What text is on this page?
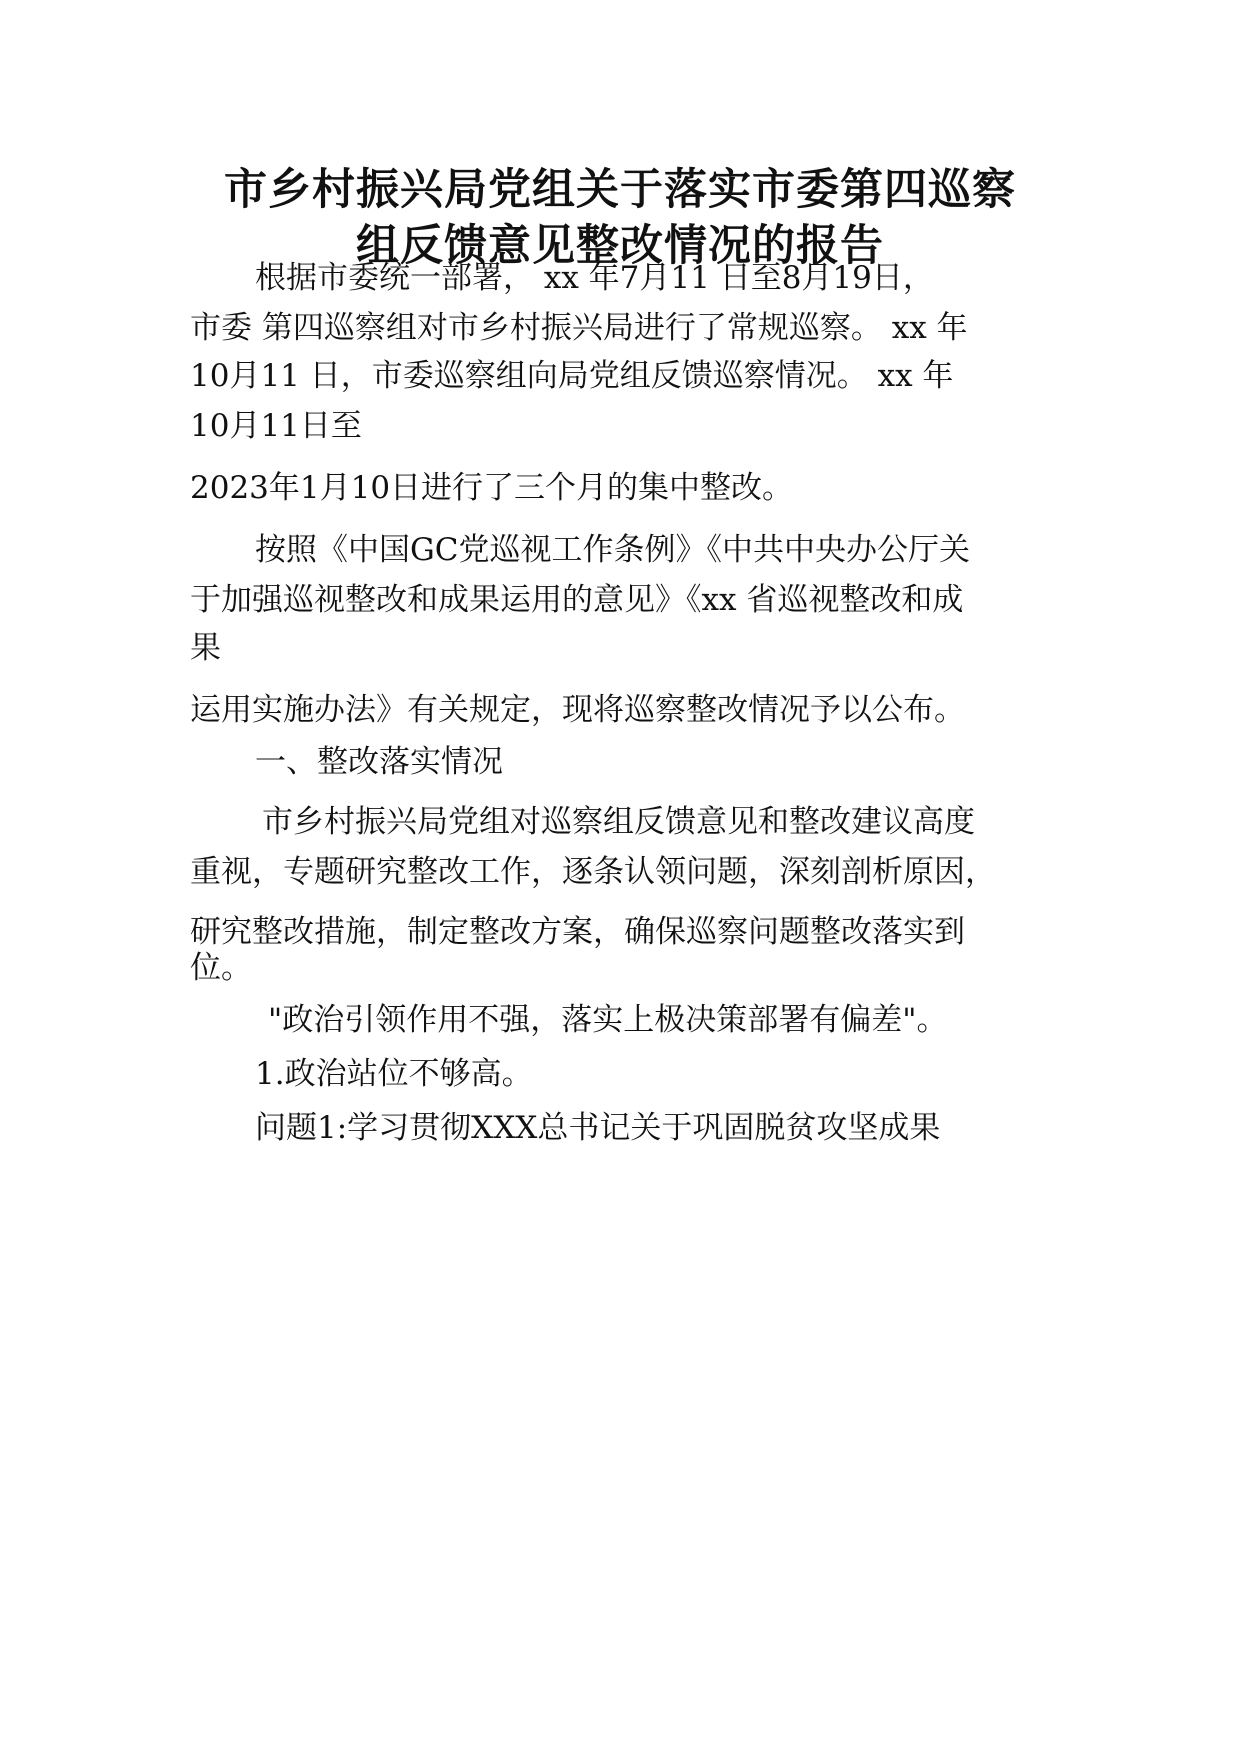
市乡村振兴局党组关于落实市委第四巡察
组反馈意见整改情况的报告
根据市委统一部署， xx 年7月11 日至8月19日，
市委 第四巡察组对市乡村振兴局进行了常规巡察。 xx 年
10月11 日，市委巡察组向局党组反馈巡察情况。 xx 年
10月11日至
2023年1月10日进行了三个月的集中整改。
按照《中国GC党巡视工作条例》《中共中央办公厅关
于加强巡视整改和成果运用的意见》《xx 省巡视整改和成
果
运用实施办法》有关规定，现将巡察整改情况予以公布。
一、整改落实情况
市乡村振兴局党组对巡察组反馈意见和整改建议高度
重视，专题研究整改工作，逐条认领问题，深刻剖析原因，
研究整改措施，制定整改方案，确保巡察问题整改落实到
位。
"政治引领作用不强，落实上极决策部署有偏差"。
1.政治站位不够高。
问题1:学习贯彻XXX总书记关于巩固脱贫攻坚成果
